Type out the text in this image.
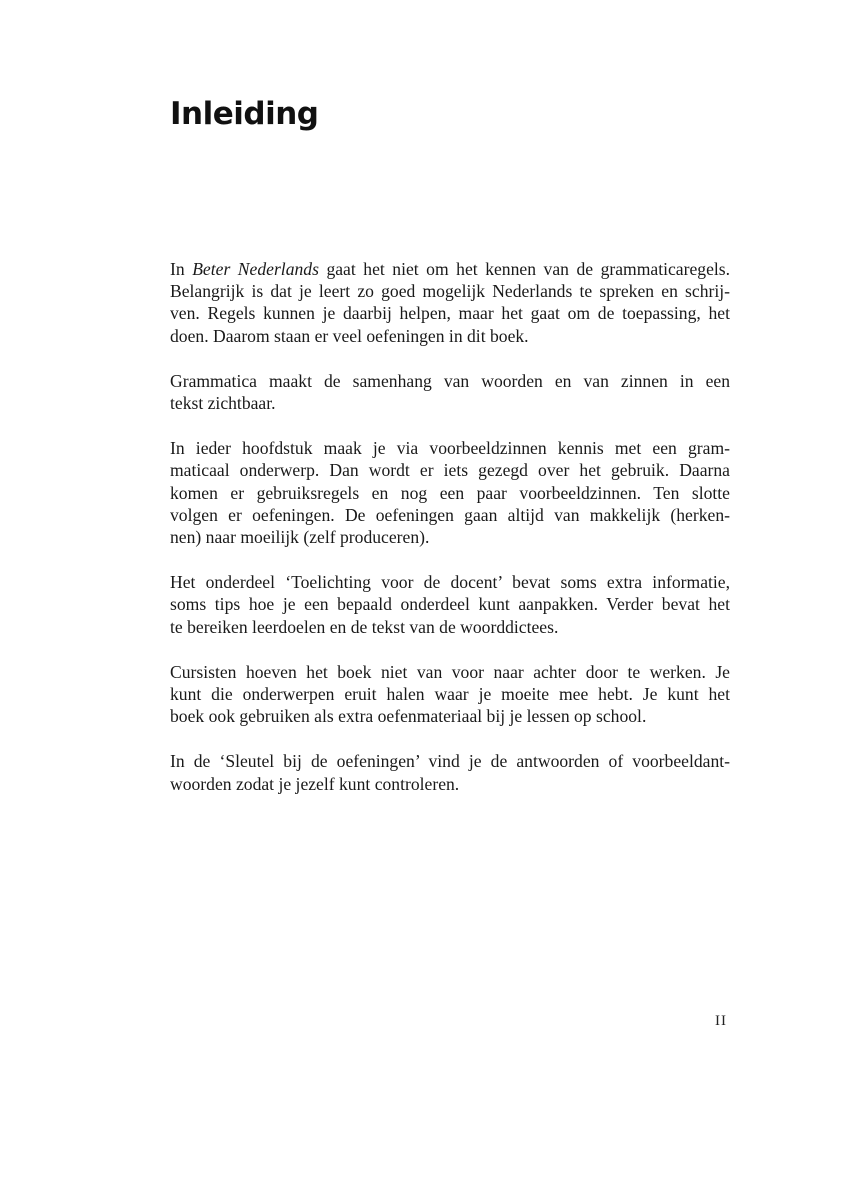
Inleiding

In Beter Nederlands gaat het niet om het kennen van de grammaticaregels.
Belangrijk is dat je leert zo goed mogelijk Nederlands te spreken en schrij-
ven. Regels kunnen je daarbij helpen, maar het gaat om de toepassing, het
doen. Daarom staan er veel oefeningen in dit boek.

Grammatica maakt de samenhang van woorden en van zinnen in een
tekst zichtbaar.

In ieder hoofdstuk maak je via voorbeeldzinnen kennis met een gram-
maticaal onderwerp. Dan wordt er iets gezegd over het gebruik. Daarna
komen er gebruiksregels en nog een paar voorbeeldzinnen. Ten slotte
volgen er oefeningen. De oefeningen gaan altijd van makkelijk (herken-
nen) naar moeilijk (zelf produceren).

Het onderdeel ‘Toelichting voor de docent’ bevat soms extra informatie,
soms tips hoe je een bepaald onderdeel kunt aanpakken. Verder bevat het
te bereiken leerdoelen en de tekst van de woorddictees.

Cursisten hoeven het boek niet van voor naar achter door te werken. Je
kunt die onderwerpen eruit halen waar je moeite mee hebt. Je kunt het
boek ook gebruiken als extra oefenmateriaal bij je lessen op school.

In de ‘Sleutel bij de oefeningen’ vind je de antwoorden of voorbeeldant-
woorden zodat je jezelf kunt controleren.

II
